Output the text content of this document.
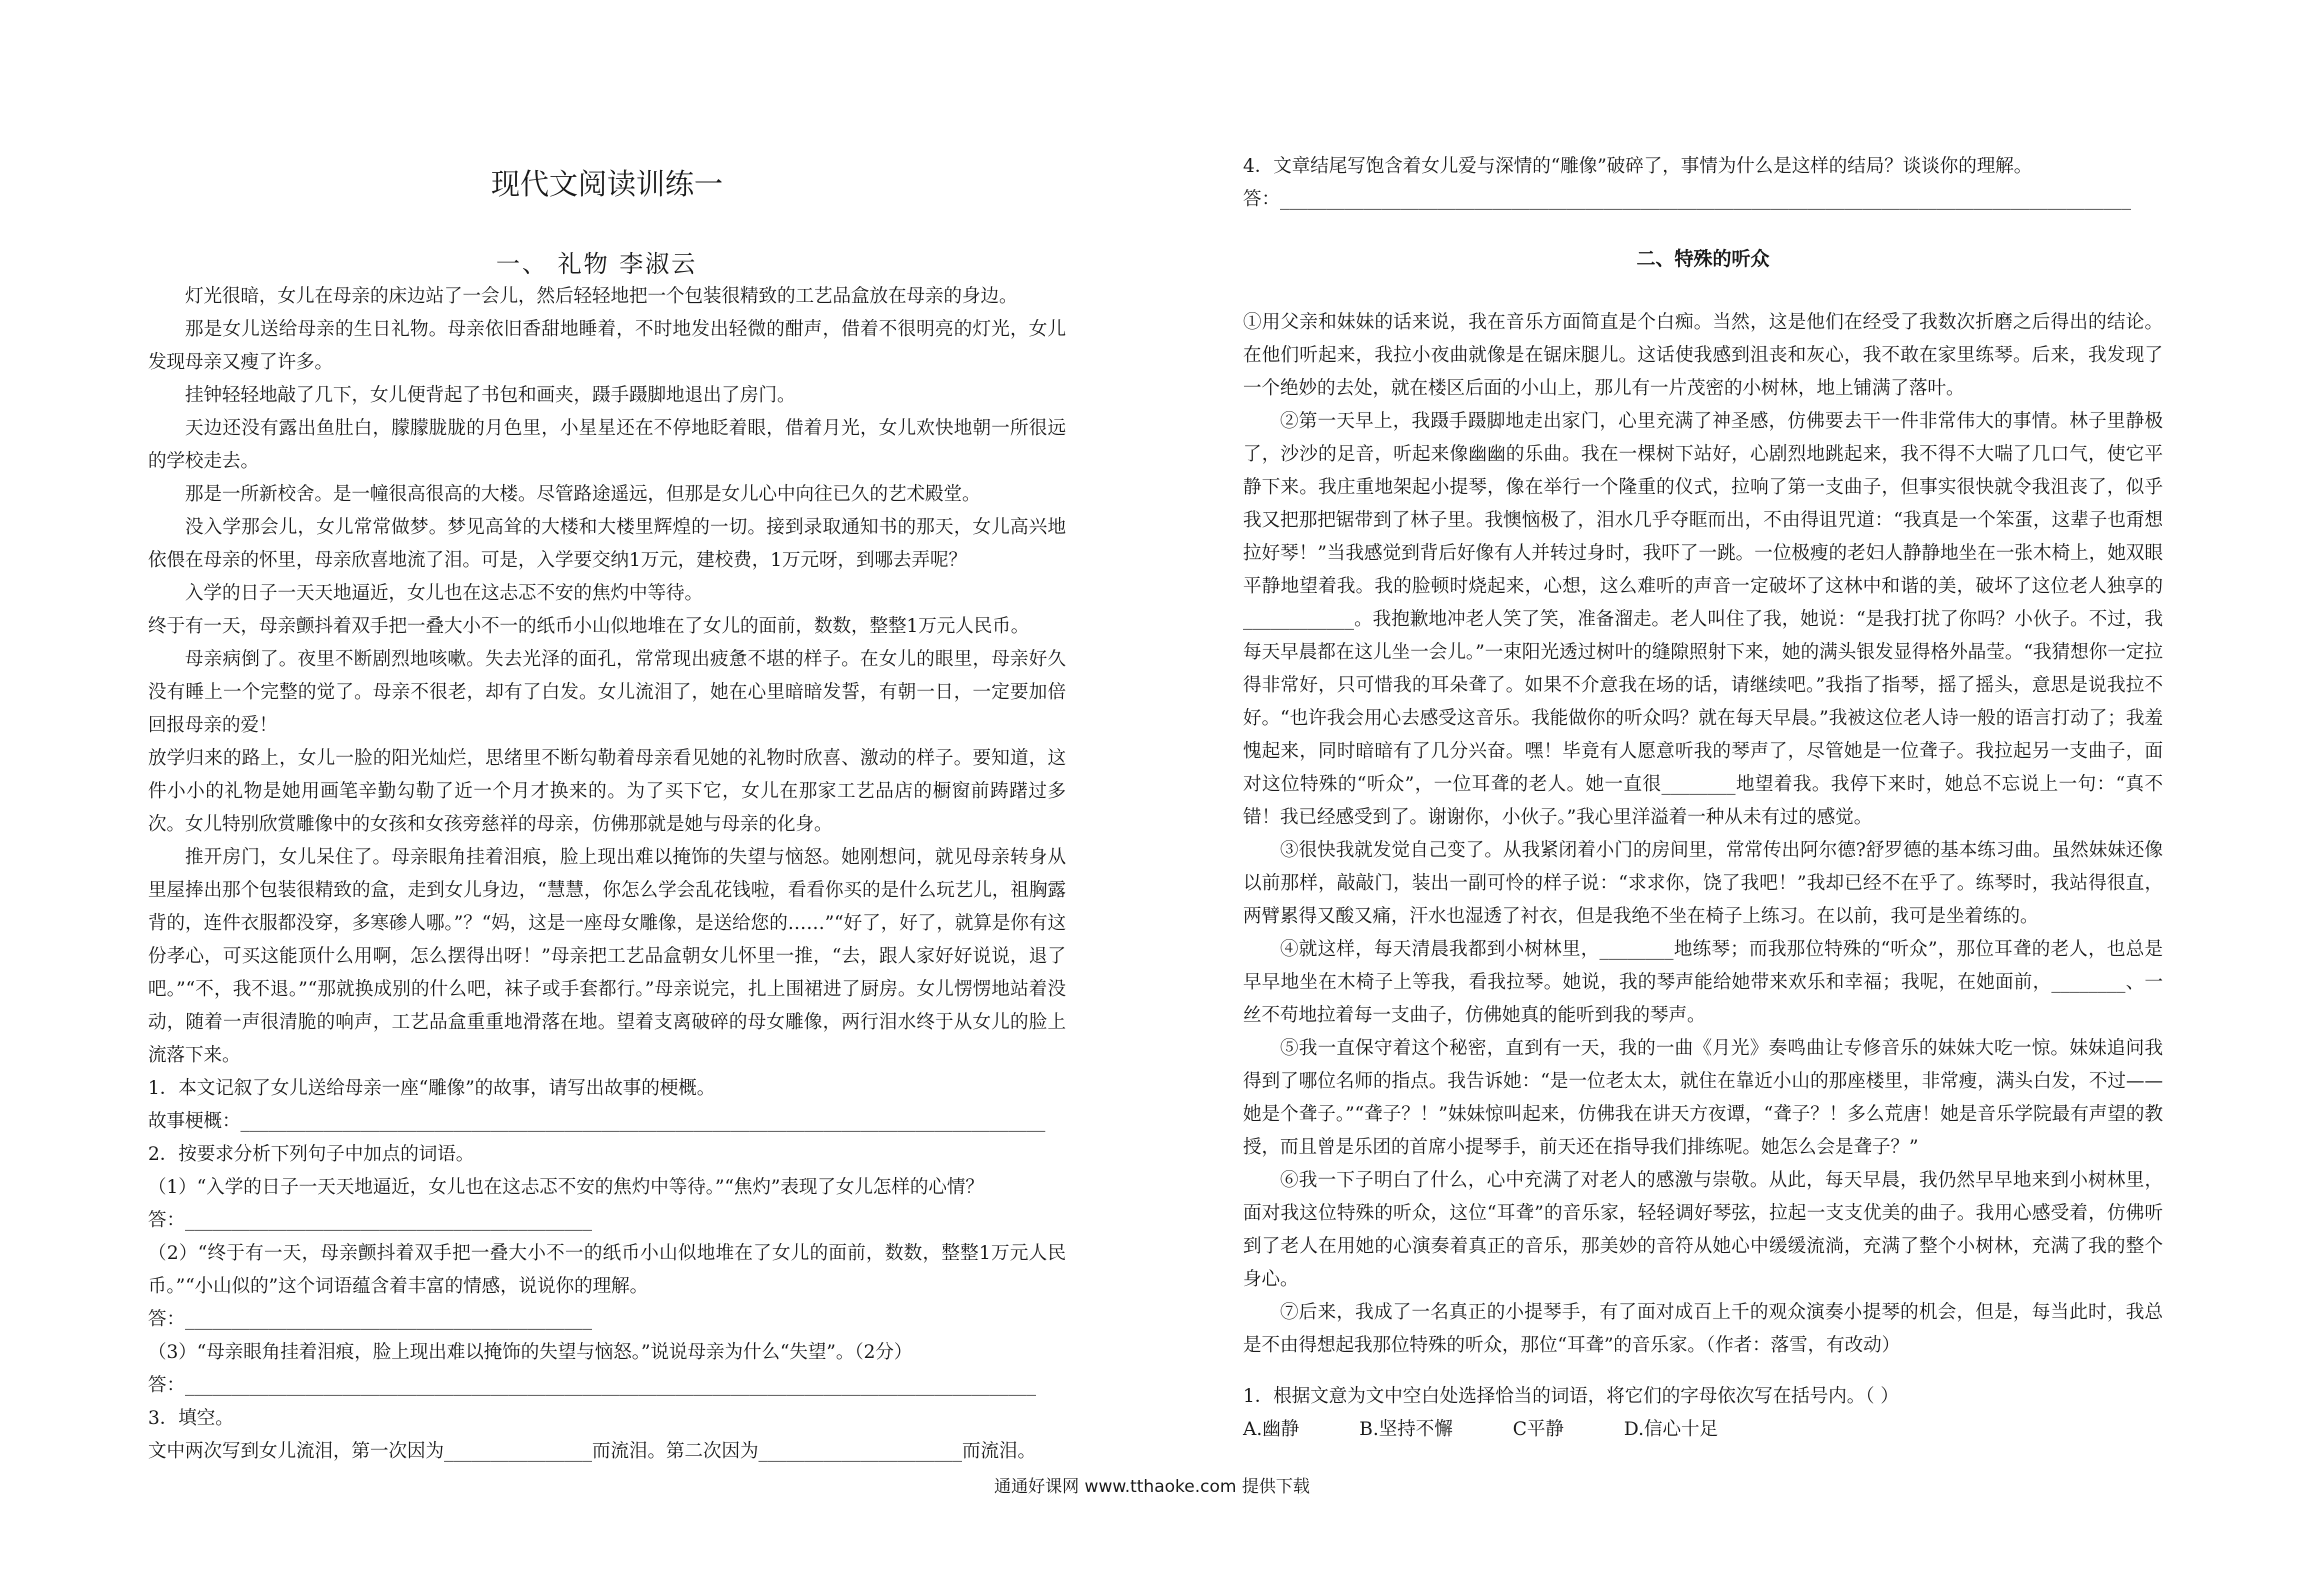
现代文阅读训练一
一、 礼物 李淑云

灯光很暗，女儿在母亲的床边站了一会儿，然后轻轻地把一个包装很精致的工艺品盒放在母亲的身边。

那是女儿送给母亲的生日礼物。母亲依旧香甜地睡着，不时地发出轻微的酣声，借着不很明亮的灯光，女儿发现母亲又瘦了许多。

挂钟轻轻地敲了几下，女儿便背起了书包和画夹，蹑手蹑脚地退出了房门。

天边还没有露出鱼肚白，朦朦胧胧的月色里，小星星还在不停地眨着眼，借着月光，女儿欢快地朝一所很远的学校走去。

那是一所新校舍。是一幢很高很高的大楼。尽管路途遥远，但那是女儿心中向往已久的艺术殿堂。

没入学那会儿，女儿常常做梦。梦见高耸的大楼和大楼里辉煌的一切。接到录取通知书的那天，女儿高兴地依偎在母亲的怀里，母亲欣喜地流了泪。可是，入学要交纳1万元，建校费，1万元呀，到哪去弄呢？

入学的日子一天天地逼近，女儿也在这忐忑不安的焦灼中等待。

终于有一天，母亲颤抖着双手把一叠大小不一的纸币小山似地堆在了女儿的面前，数数，整整1万元人民币。

母亲病倒了。夜里不断剧烈地咳嗽。失去光泽的面孔，常常现出疲惫不堪的样子。在女儿的眼里，母亲好久没有睡上一个完整的觉了。母亲不很老，却有了白发。女儿流泪了，她在心里暗暗发誓，有朝一日，一定要加倍回报母亲的爱！

放学归来的路上，女儿一脸的阳光灿烂，思绪里不断勾勒着母亲看见她的礼物时欣喜、激动的样子。要知道，这件小小的礼物是她用画笔辛勤勾勒了近一个月才换来的。为了买下它，女儿在那家工艺品店的橱窗前踌躇过多次。女儿特别欣赏雕像中的女孩和女孩旁慈祥的母亲，仿佛那就是她与母亲的化身。

推开房门，女儿呆住了。母亲眼角挂着泪痕，脸上现出难以掩饰的失望与恼怒。她刚想问，就见母亲转身从里屋捧出那个包装很精致的盒，走到女儿身边，“慧慧，你怎么学会乱花钱啦，看看你买的是什么玩艺儿，祖胸露背的，连件衣服都没穿，多寒碜人哪。”？“妈，这是一座母女雕像，是送给您的……”“好了，好了，就算是你有这份孝心，可买这能顶什么用啊，怎么摆得出呀！”母亲把工艺品盒朝女儿怀里一推，“去，跟人家好好说说，退了吧。”“不，我不退。”“那就换成别的什么吧，袜子或手套都行。”母亲说完，扎上围裙进了厨房。女儿愣愣地站着没动，随着一声很清脆的响声，工艺品盒重重地滑落在地。望着支离破碎的母女雕像，两行泪水终于从女儿的脸上流落下来。

1．本文记叙了女儿送给母亲一座“雕像”的故事，请写出故事的梗概。

故事梗概：_______________________________________________________________________________________

2．按要求分析下列句子中加点的词语。

（1）“入学的日子一天天地逼近，女儿也在这忐忑不安的焦灼中等待。”“焦灼”表现了女儿怎样的心情？

答：____________________________________________

（2）“终于有一天，母亲颤抖着双手把一叠大小不一的纸币小山似地堆在了女儿的面前，数数，整整1万元人民币。”“小山似的”这个词语蕴含着丰富的情感，说说你的理解。

答：____________________________________________

（3）“母亲眼角挂着泪痕，脸上现出难以掩饰的失望与恼怒。”说说母亲为什么“失望”。（2分）

答：____________________________________________________________________________________________

3．填空。

文中两次写到女儿流泪，第一次因为________________而流泪。第二次因为______________________而流泪。

4．文章结尾写饱含着女儿爱与深情的“雕像”破碎了，事情为什么是这样的结局？谈谈你的理解。

答：____________________________________________________________________________________________

二、特殊的听众

①用父亲和妹妹的话来说，我在音乐方面简直是个白痴。当然，这是他们在经受了我数次折磨之后得出的结论。在他们听起来，我拉小夜曲就像是在锯床腿儿。这话使我感到沮丧和灰心，我不敢在家里练琴。后来，我发现了一个绝妙的去处，就在楼区后面的小山上，那儿有一片茂密的小树林，地上铺满了落叶。

②第一天早上，我蹑手蹑脚地走出家门，心里充满了神圣感，仿佛要去干一件非常伟大的事情。林子里静极了，沙沙的足音，听起来像幽幽的乐曲。我在一棵树下站好，心剧烈地跳起来，我不得不大喘了几口气，使它平静下来。我庄重地架起小提琴，像在举行一个隆重的仪式，拉响了第一支曲子，但事实很快就令我沮丧了，似乎我又把那把锯带到了林子里。我懊恼极了，泪水几乎夺眶而出，不由得诅咒道：“我真是一个笨蛋，这辈子也甭想拉好琴！”当我感觉到背后好像有人并转过身时，我吓了一跳。一位极瘦的老妇人静静地坐在一张木椅上，她双眼平静地望着我。我的脸顿时烧起来，心想，这么难听的声音一定破坏了这林中和谐的美，破坏了这位老人独享的____________。我抱歉地冲老人笑了笑，准备溜走。老人叫住了我，她说：“是我打扰了你吗？小伙子。不过，我每天早晨都在这儿坐一会儿。”一束阳光透过树叶的缝隙照射下来，她的满头银发显得格外晶莹。“我猜想你一定拉得非常好，只可惜我的耳朵聋了。如果不介意我在场的话，请继续吧。”我指了指琴，摇了摇头，意思是说我拉不好。“也许我会用心去感受这音乐。我能做你的听众吗？就在每天早晨。”我被这位老人诗一般的语言打动了；我羞愧起来，同时暗暗有了几分兴奋。嘿！毕竟有人愿意听我的琴声了，尽管她是一位聋子。我拉起另一支曲子，面对这位特殊的“听众”，一位耳聋的老人。她一直很________地望着我。我停下来时，她总不忘说上一句：“真不错！我已经感受到了。谢谢你，小伙子。”我心里洋溢着一种从未有过的感觉。

③很快我就发觉自己变了。从我紧闭着小门的房间里，常常传出阿尔德?舒罗德的基本练习曲。虽然妹妹还像以前那样，敲敲门，装出一副可怜的样子说：“求求你，饶了我吧！”我却已经不在乎了。练琴时，我站得很直，两臂累得又酸又痛，汗水也湿透了衬衣，但是我绝不坐在椅子上练习。在以前，我可是坐着练的。

④就这样，每天清晨我都到小树林里，________地练琴；而我那位特殊的“听众”，那位耳聋的老人，也总是早早地坐在木椅子上等我，看我拉琴。她说，我的琴声能给她带来欢乐和幸福；我呢，在她面前，________、一丝不苟地拉着每一支曲子，仿佛她真的能听到我的琴声。

⑤我一直保守着这个秘密，直到有一天，我的一曲《月光》奏鸣曲让专修音乐的妹妹大吃一惊。妹妹追问我得到了哪位名师的指点。我告诉她：“是一位老太太，就住在靠近小山的那座楼里，非常瘦，满头白发，不过——她是个聋子。”“聋子？！”妹妹惊叫起来，仿佛我在讲天方夜谭，“聋子？！多么荒唐！她是音乐学院最有声望的教授，而且曾是乐团的首席小提琴手，前天还在指导我们排练呢。她怎么会是聋子？”

⑥我一下子明白了什么，心中充满了对老人的感激与崇敬。从此，每天早晨，我仍然早早地来到小树林里，面对我这位特殊的听众，这位“耳聋”的音乐家，轻轻调好琴弦，拉起一支支优美的曲子。我用心感受着，仿佛听到了老人在用她的心演奏着真正的音乐，那美妙的音符从她心中缓缓流淌，充满了整个小树林，充满了我的整个身心。

⑦后来，我成了一名真正的小提琴手，有了面对成百上千的观众演奏小提琴的机会，但是，每当此时，我总是不由得想起我那位特殊的听众，那位“耳聋”的音乐家。（作者：落雪，有改动）

1．根据文意为文中空白处选择恰当的词语，将它们的字母依次写在括号内。（ ）

A.幽静	B.坚持不懈	C平静	D.信心十足
通通好课网 www.tthaoke.com 提供下载
